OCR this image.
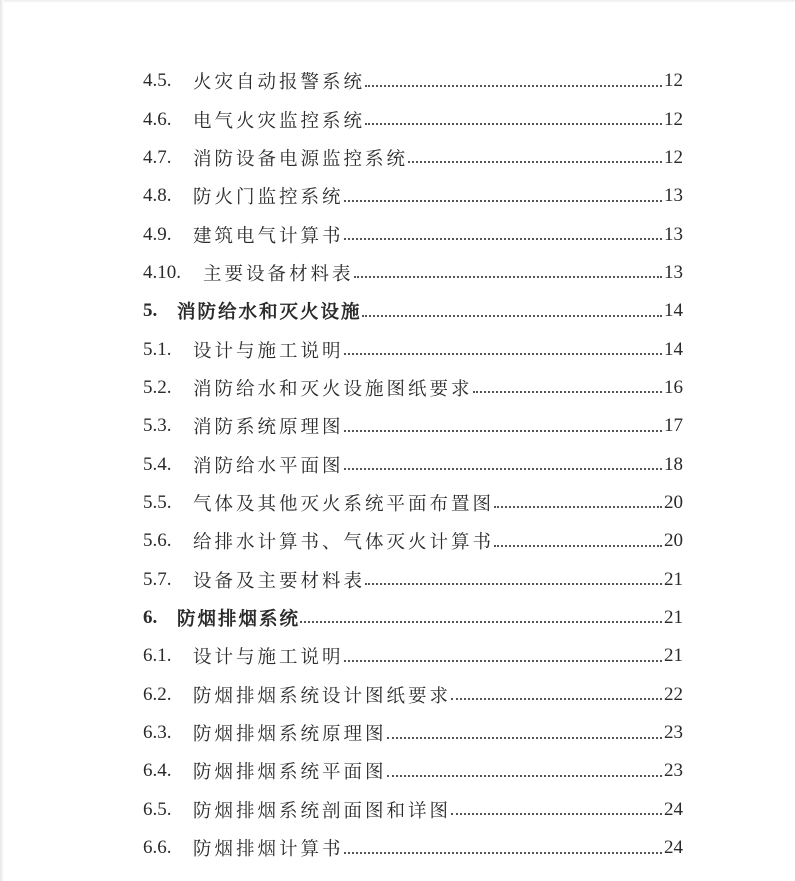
4.5.	火灾自动报警系统	12
4.6.	电气火灾监控系统	12
4.7.	消防设备电源监控系统	12
4.8.	防火门监控系统	13
4.9.	建筑电气计算书	13
4.10.	主要设备材料表	13
5.	消防给水和灭火设施	14
5.1.	设计与施工说明	14
5.2.	消防给水和灭火设施图纸要求	16
5.3.	消防系统原理图	17
5.4.	消防给水平面图	18
5.5.	气体及其他灭火系统平面布置图	20
5.6.	给排水计算书、气体灭火计算书	20
5.7.	设备及主要材料表	21
6.	防烟排烟系统	21
6.1.	设计与施工说明	21
6.2.	防烟排烟系统设计图纸要求	22
6.3.	防烟排烟系统原理图	23
6.4.	防烟排烟系统平面图	23
6.5.	防烟排烟系统剖面图和详图	24
6.6.	防烟排烟计算书	24
